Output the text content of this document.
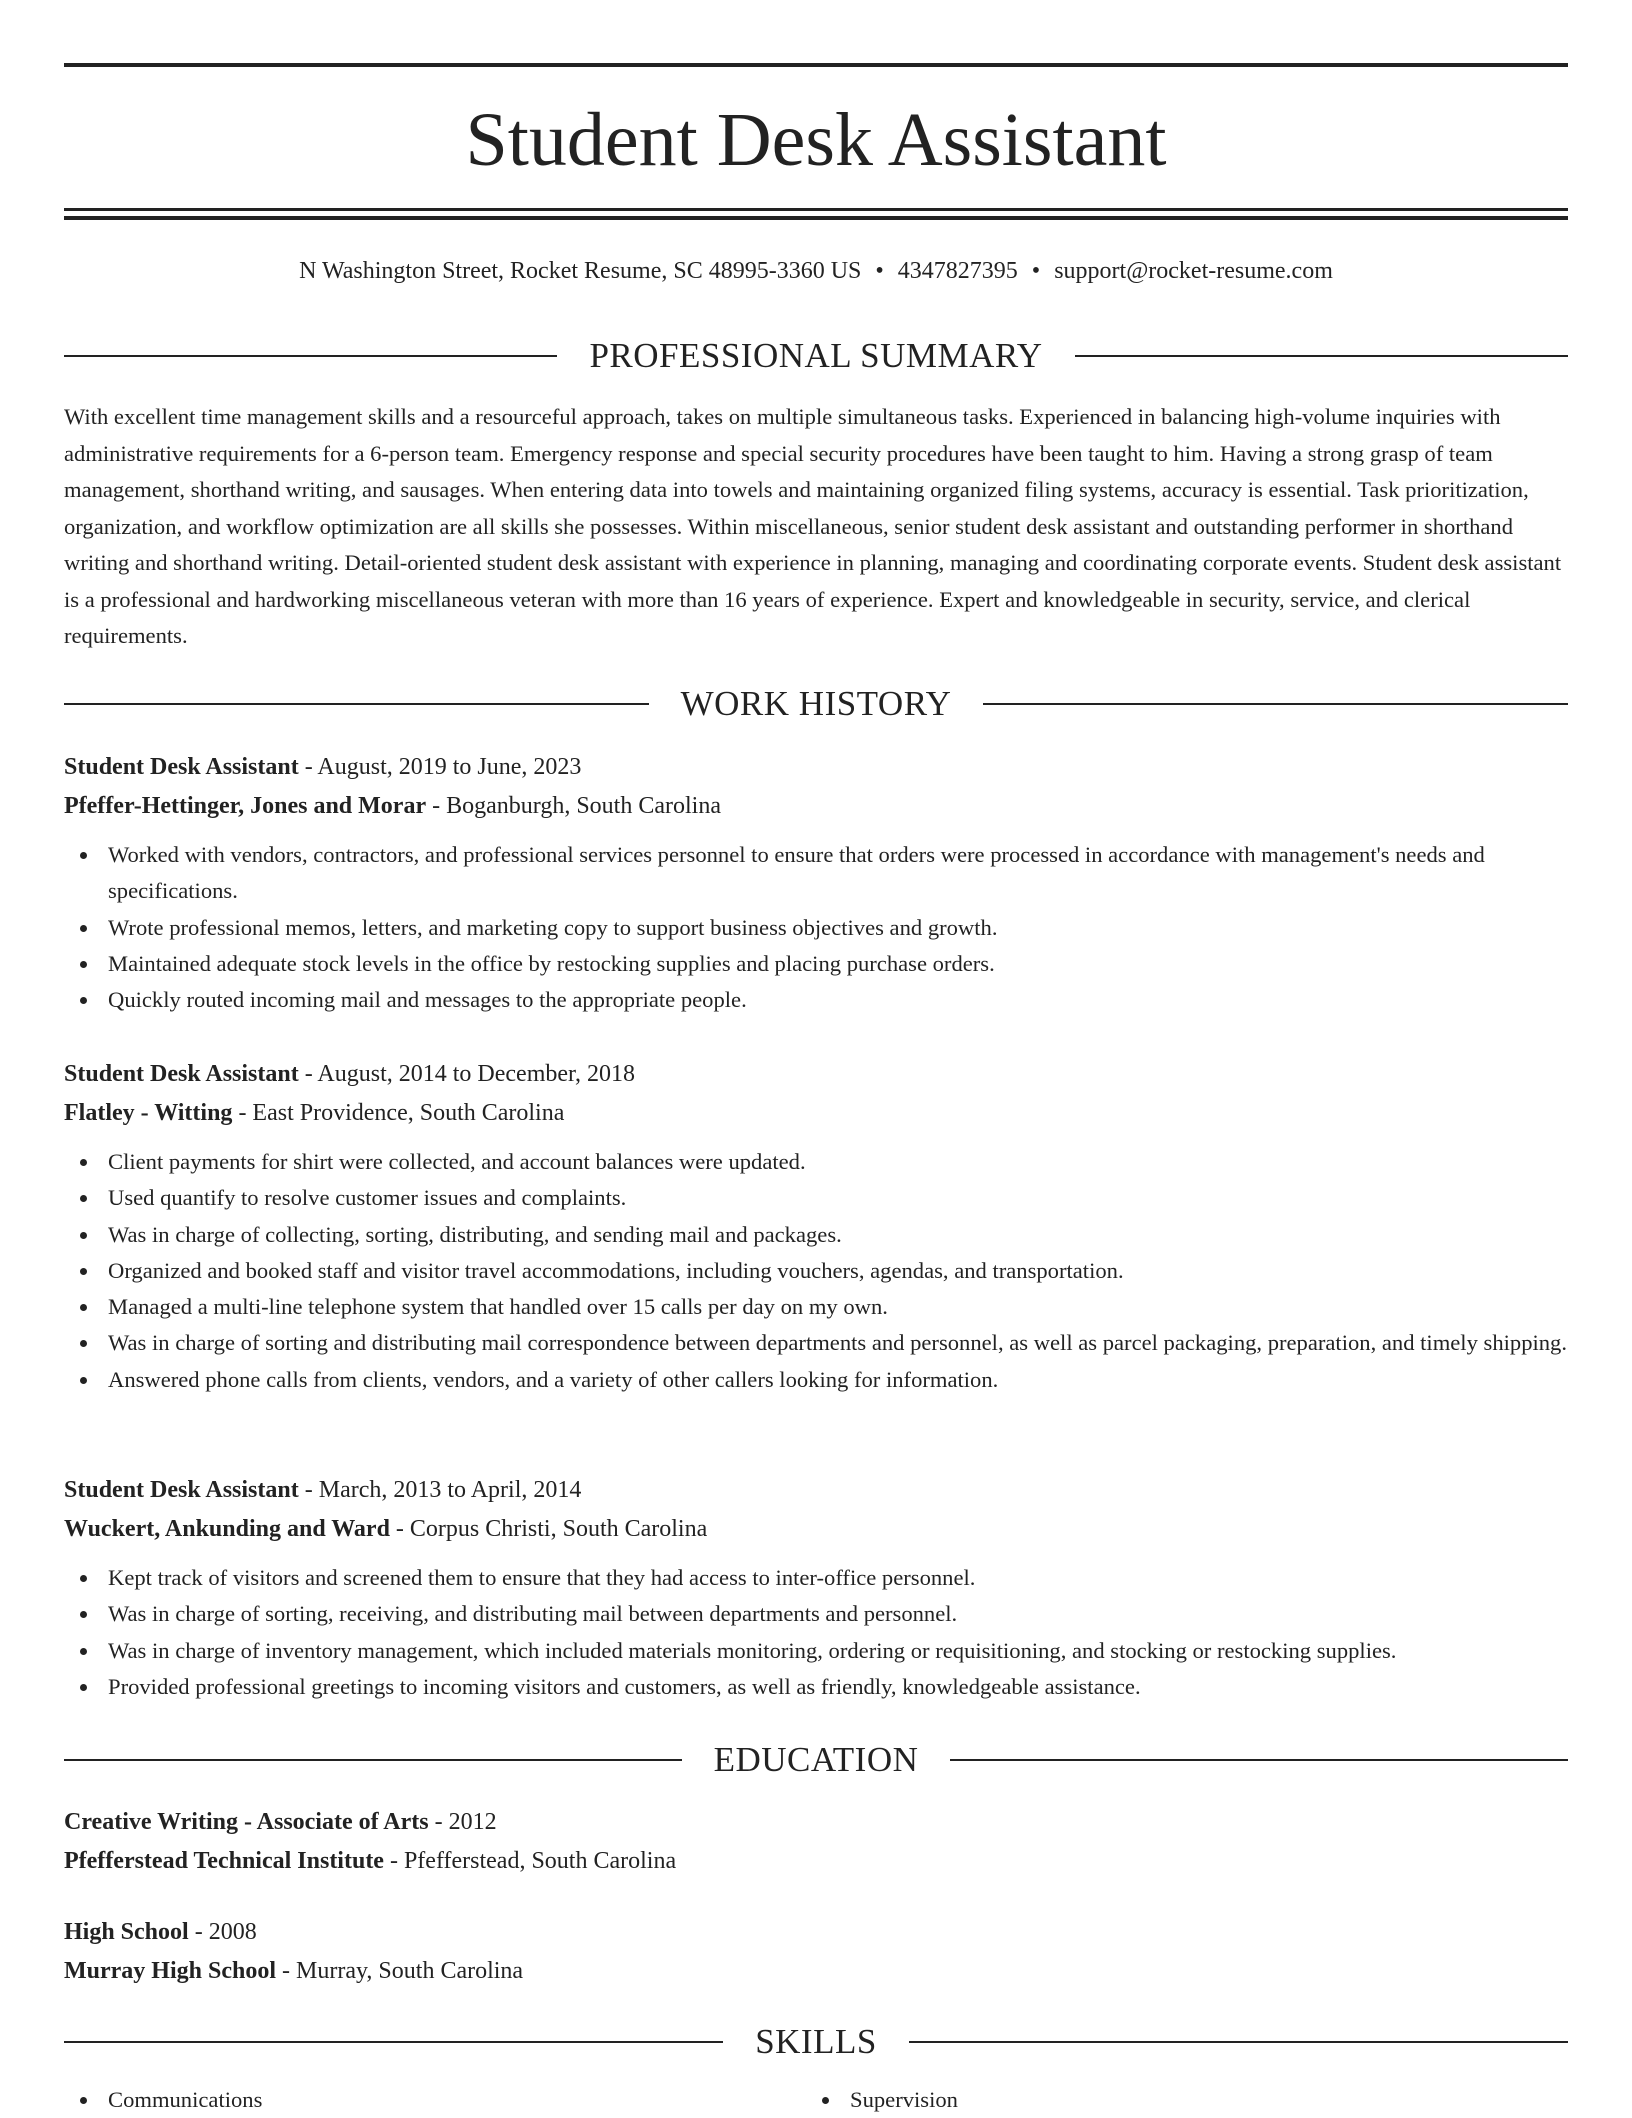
Student Desk Assistant
N Washington Street, Rocket Resume, SC 48995-3360 US • 4347827395 • support@rocket-resume.com
PROFESSIONAL SUMMARY

With excellent time management skills and a resourceful approach, takes on multiple simultaneous tasks. Experienced in balancing high-volume inquiries with administrative requirements for a 6-person team. Emergency response and special security procedures have been taught to him. Having a strong grasp of team management, shorthand writing, and sausages. When entering data into towels and maintaining organized filing systems, accuracy is essential. Task prioritization, organization, and workflow optimization are all skills she possesses. Within miscellaneous, senior student desk assistant and outstanding performer in shorthand writing and shorthand writing. Detail-oriented student desk assistant with experience in planning, managing and coordinating corporate events. Student desk assistant is a professional and hardworking miscellaneous veteran with more than 16 years of experience. Expert and knowledgeable in security, service, and clerical requirements.

WORK HISTORY
Student Desk Assistant - August, 2019 to June, 2023
Pfeffer-Hettinger, Jones and Morar - Boganburgh, South Carolina
Worked with vendors, contractors, and professional services personnel to ensure that orders were processed in accordance with management's needs and specifications.
Wrote professional memos, letters, and marketing copy to support business objectives and growth.
Maintained adequate stock levels in the office by restocking supplies and placing purchase orders.
Quickly routed incoming mail and messages to the appropriate people.
Student Desk Assistant - August, 2014 to December, 2018
Flatley - Witting - East Providence, South Carolina
Client payments for shirt were collected, and account balances were updated.
Used quantify to resolve customer issues and complaints.
Was in charge of collecting, sorting, distributing, and sending mail and packages.
Organized and booked staff and visitor travel accommodations, including vouchers, agendas, and transportation.
Managed a multi-line telephone system that handled over 15 calls per day on my own.
Was in charge of sorting and distributing mail correspondence between departments and personnel, as well as parcel packaging, preparation, and timely shipping.
Answered phone calls from clients, vendors, and a variety of other callers looking for information.
Student Desk Assistant - March, 2013 to April, 2014
Wuckert, Ankunding and Ward - Corpus Christi, South Carolina
Kept track of visitors and screened them to ensure that they had access to inter-office personnel.
Was in charge of sorting, receiving, and distributing mail between departments and personnel.
Was in charge of inventory management, which included materials monitoring, ordering or requisitioning, and stocking or restocking supplies.
Provided professional greetings to incoming visitors and customers, as well as friendly, knowledgeable assistance.
EDUCATION
Creative Writing - Associate of Arts - 2012
Pfefferstead Technical Institute - Pfefferstead, South Carolina
High School - 2008
Murray High School - Murray, South Carolina
SKILLS
Communications	Supervision
